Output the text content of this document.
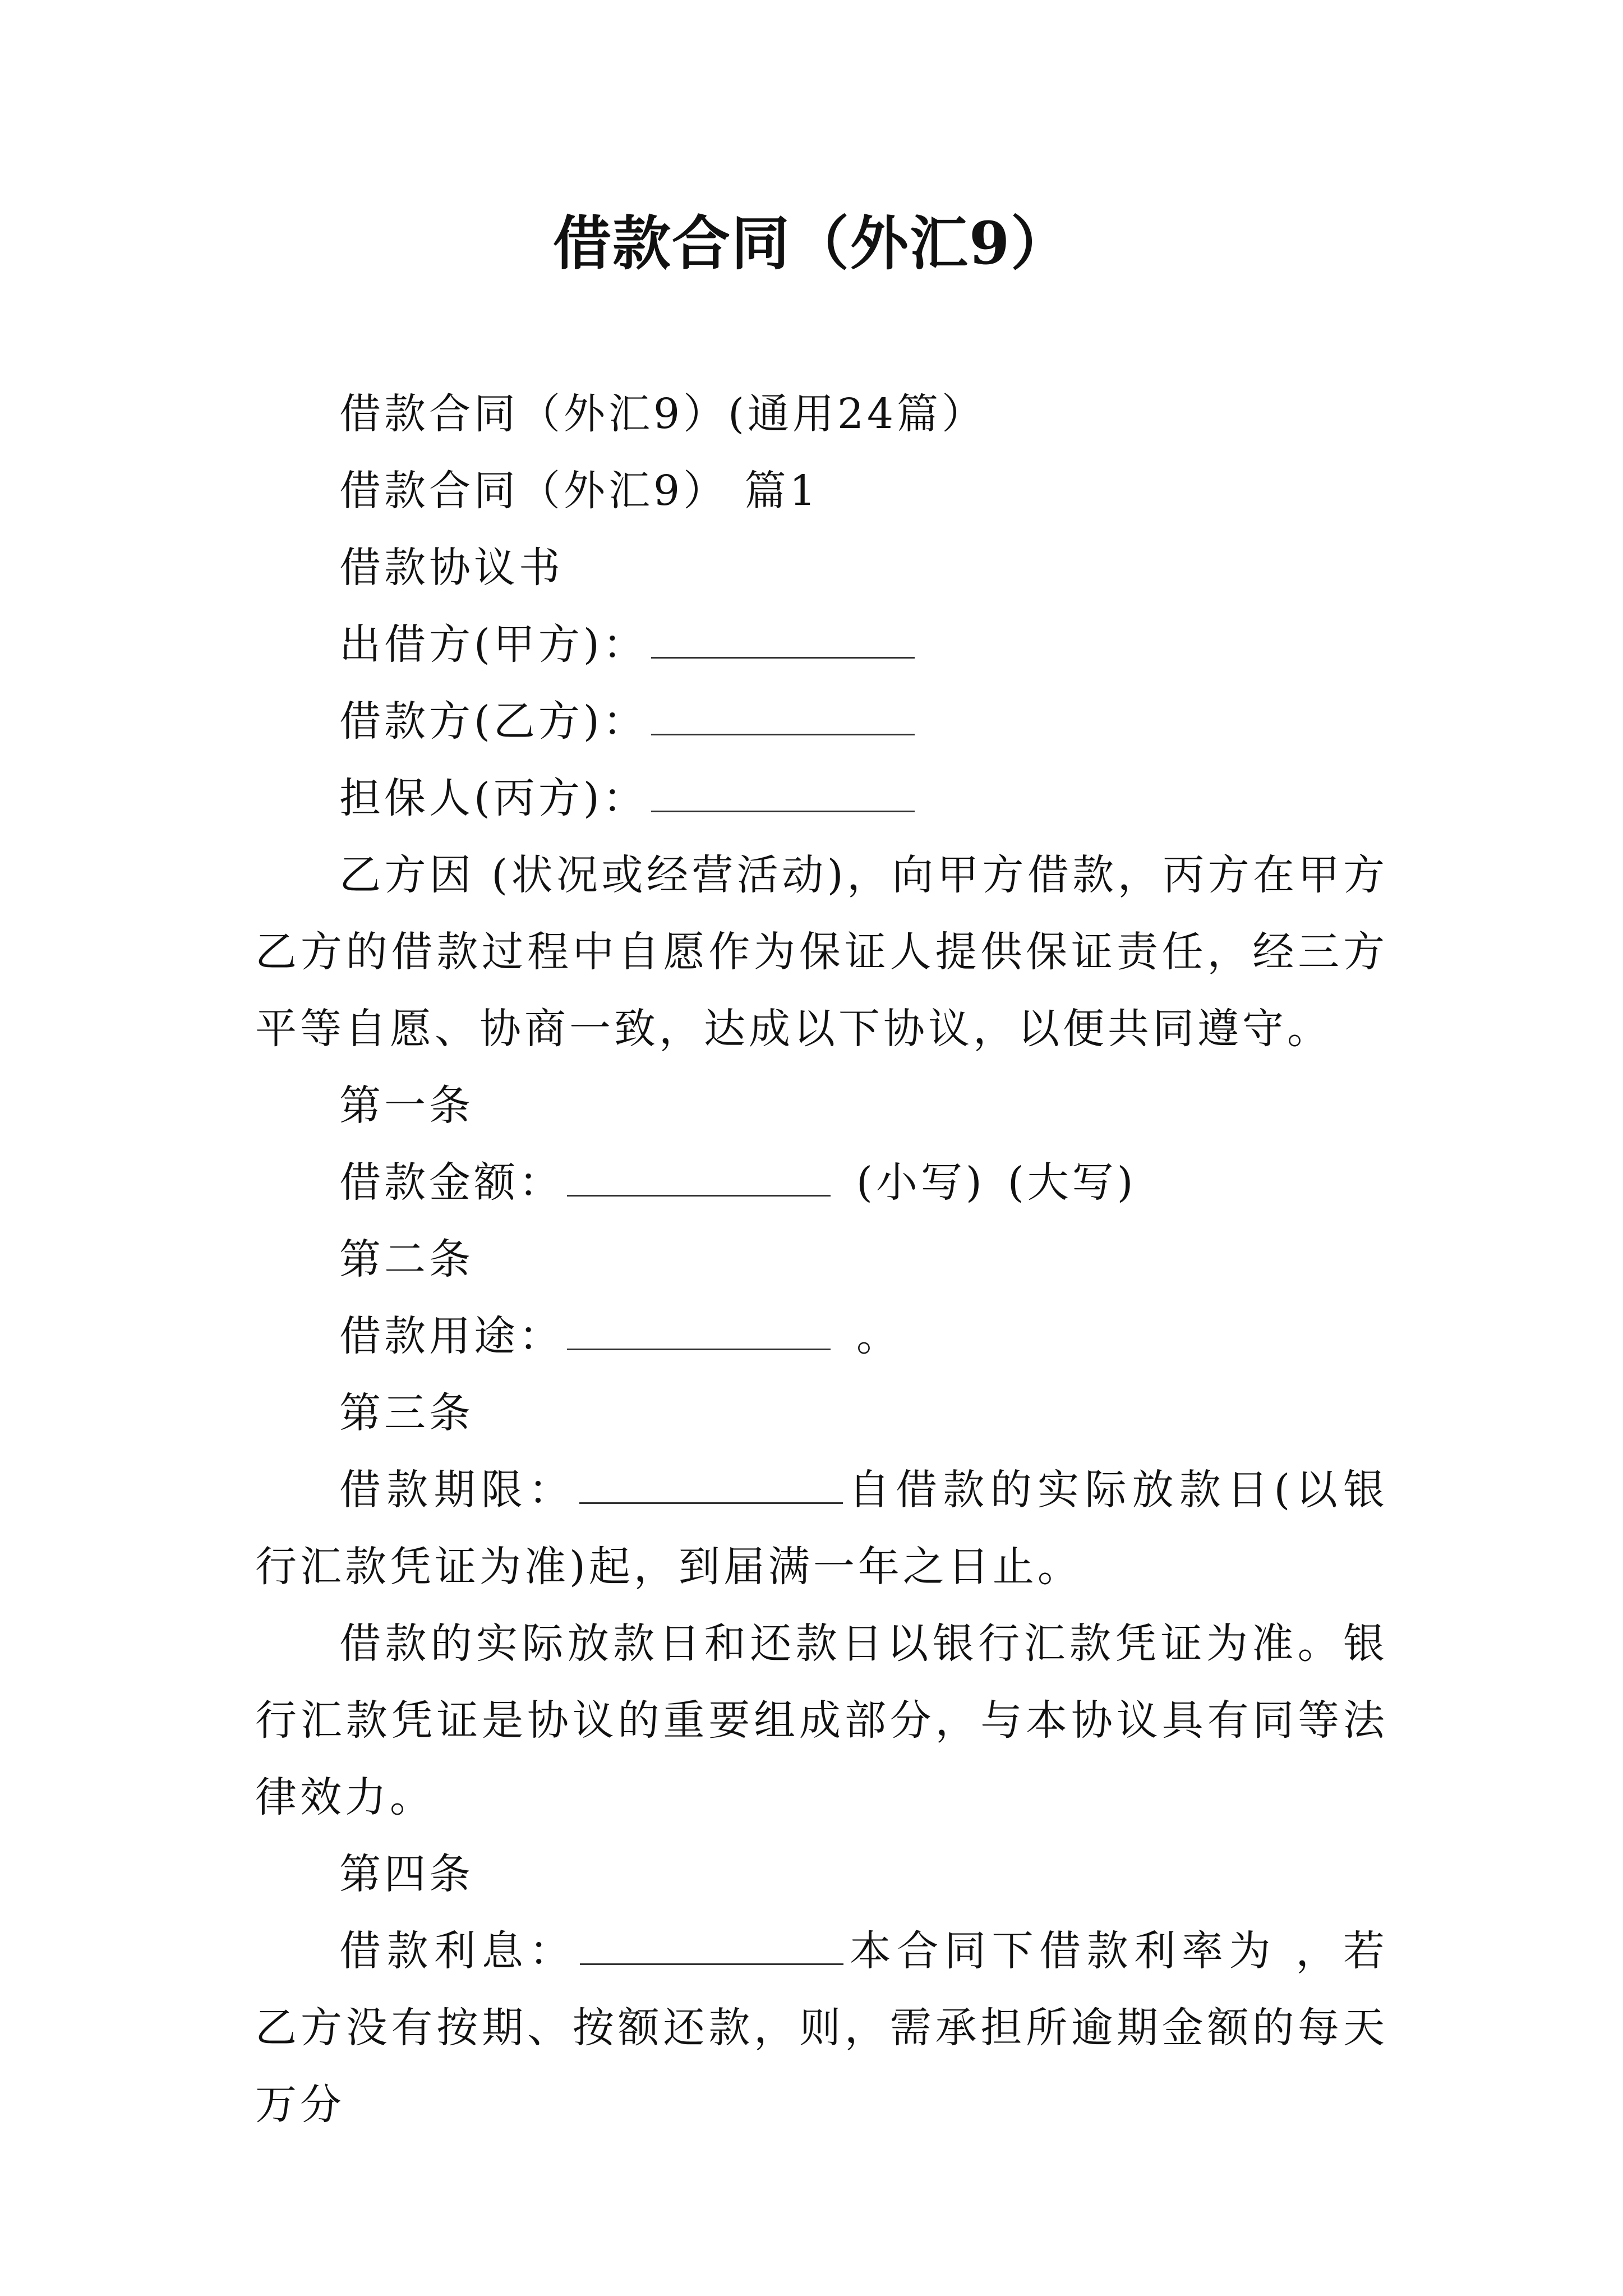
借款合同（外汇9）

借款合同（外汇9）(通用24篇）

借款合同（外汇9） 篇1

借款协议书

出借方(甲方)：

借款方(乙方)：

担保人(丙方)：

乙方因 (状况或经营活动)，向甲方借款，丙方在甲方乙方的借款过程中自愿作为保证人提供保证责任，经三方平等自愿、协商一致，达成以下协议，以便共同遵守。

第一条

借款金额：	(小写) (大写)

第二条

借款用途：	。

第三条

借款期限：	自借款的实际放款日(以银行汇款凭证为准)起，到届满一年之日止。

借款的实际放款日和还款日以银行汇款凭证为准。银行汇款凭证是协议的重要组成部分，与本协议具有同等法律效力。

第四条

借款利息：	本合同下借款利率为 ，若乙方没有按期、按额还款，则，需承担所逾期金额的每天万分
